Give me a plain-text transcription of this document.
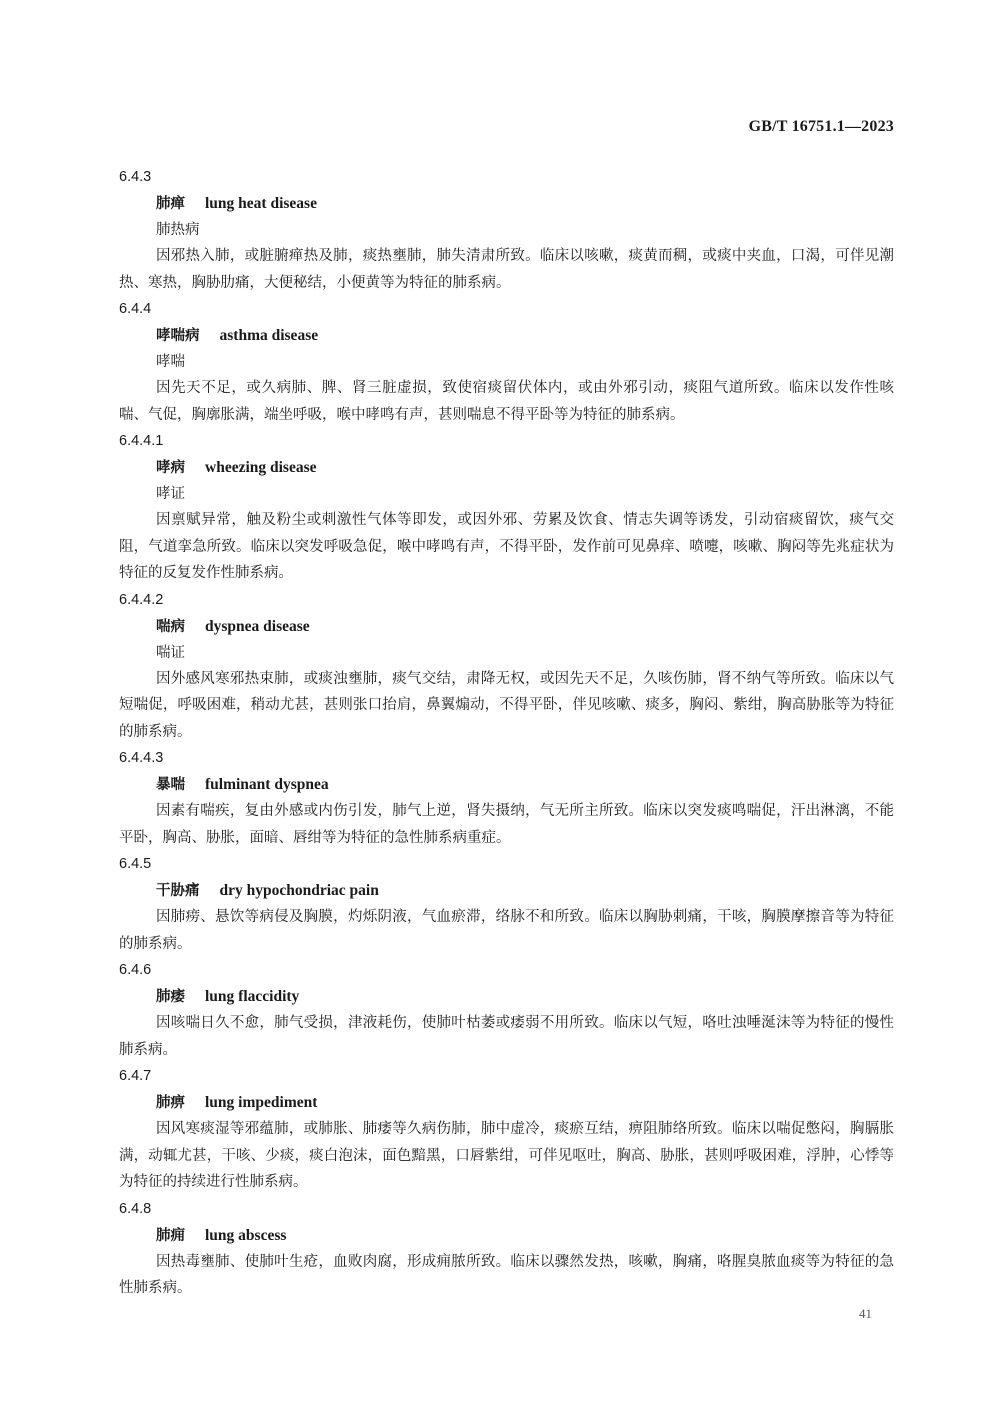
GB/T 16751.1—2023
6.4.3
肺瘅 lung heat disease
肺热病

因邪热入肺，或脏腑瘅热及肺，痰热壅肺，肺失清肃所致。临床以咳嗽，痰黄而稠，或痰中夹血，口渴，可伴见潮热、寒热，胸胁肋痛，大便秘结，小便黄等为特征的肺系病。

6.4.4
哮喘病 asthma disease
哮喘

因先天不足，或久病肺、脾、肾三脏虚损，致使宿痰留伏体内，或由外邪引动，痰阻气道所致。临床以发作性咳喘、气促，胸廓胀满，端坐呼吸，喉中哮鸣有声，甚则喘息不得平卧等为特征的肺系病。

6.4.4.1
哮病 wheezing disease
哮证

因禀赋异常，触及粉尘或刺激性气体等即发，或因外邪、劳累及饮食、情志失调等诱发，引动宿痰留饮，痰气交阻，气道挛急所致。临床以突发呼吸急促，喉中哮鸣有声，不得平卧，发作前可见鼻痒、喷嚏，咳嗽、胸闷等先兆症状为特征的反复发作性肺系病。

6.4.4.2
喘病 dyspnea disease
喘证

因外感风寒邪热束肺，或痰浊壅肺，痰气交结，肃降无权，或因先天不足，久咳伤肺，肾不纳气等所致。临床以气短喘促，呼吸困难，稍动尤甚，甚则张口抬肩，鼻翼煽动，不得平卧，伴见咳嗽、痰多，胸闷、紫绀，胸高胁胀等为特征的肺系病。

6.4.4.3
暴喘 fulminant dyspnea

因素有喘疾，复由外感或内伤引发，肺气上逆，肾失摄纳，气无所主所致。临床以突发痰鸣喘促，汗出淋漓，不能平卧，胸高、胁胀，面暗、唇绀等为特征的急性肺系病重症。

6.4.5
干胁痛 dry hypochondriac pain

因肺痨、悬饮等病侵及胸膜，灼烁阴液，气血瘀滞，络脉不和所致。临床以胸胁刺痛，干咳，胸膜摩擦音等为特征的肺系病。

6.4.6
肺痿 lung flaccidity

因咳喘日久不愈，肺气受损，津液耗伤，使肺叶枯萎或痿弱不用所致。临床以气短，咯吐浊唾涎沫等为特征的慢性肺系病。

6.4.7
肺痹 lung impediment

因风寒痰湿等邪蕴肺，或肺胀、肺痿等久病伤肺，肺中虚冷，痰瘀互结，痹阻肺络所致。临床以喘促憋闷，胸膈胀满，动辄尤甚，干咳、少痰，痰白泡沫，面色黯黑，口唇紫绀，可伴见呕吐，胸高、胁胀，甚则呼吸困难，浮肿，心悸等为特征的持续进行性肺系病。

6.4.8
肺痈 lung abscess

因热毒壅肺、使肺叶生疮，血败肉腐，形成痈脓所致。临床以骤然发热，咳嗽，胸痛，咯腥臭脓血痰等为特征的急性肺系病。

41
